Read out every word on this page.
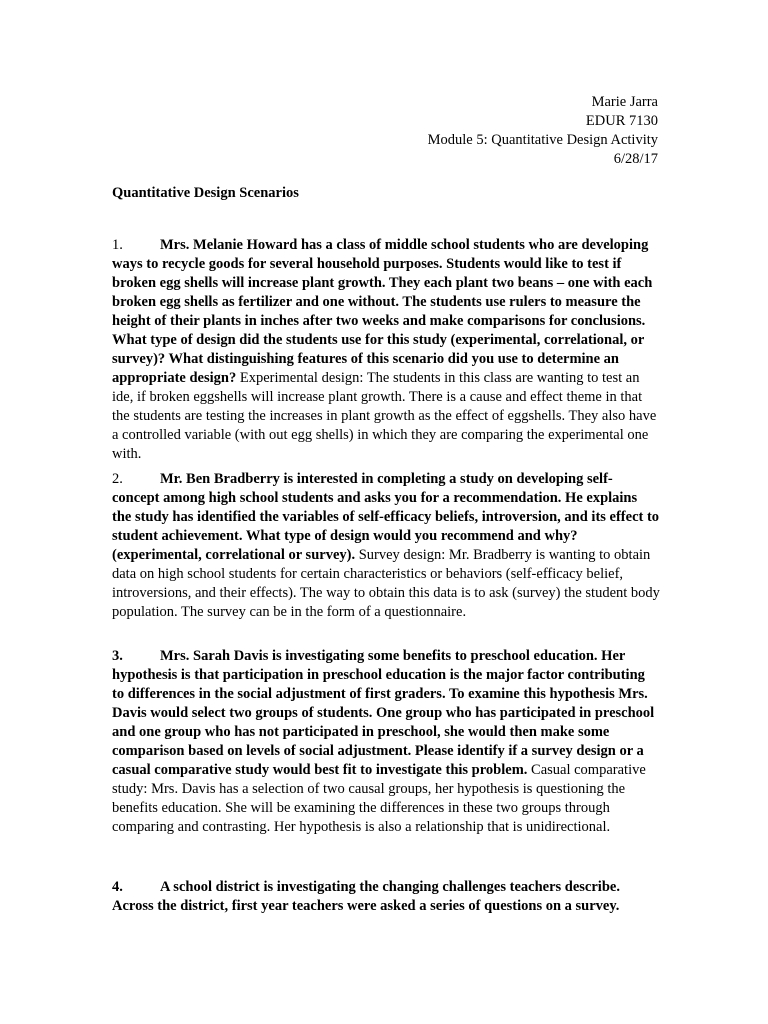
Marie Jarra
EDUR 7130
Module 5: Quantitative Design Activity
6/28/17
Quantitative Design Scenarios
1.	Mrs. Melanie Howard has a class of middle school students who are developing ways to recycle goods for several household purposes. Students would like to test if broken egg shells will increase plant growth. They each plant two beans – one with each broken egg shells as fertilizer and one without. The students use rulers to measure the height of their plants in inches after two weeks and make comparisons for conclusions. What type of design did the students use for this study (experimental, correlational, or survey)? What distinguishing features of this scenario did you use to determine an appropriate design? Experimental design: The students in this class are wanting to test an ide, if broken eggshells will increase plant growth. There is a cause and effect theme in that the students are testing the increases in plant growth as the effect of eggshells. They also have a controlled variable (with out egg shells) in which they are comparing the experimental one with.
2.	Mr. Ben Bradberry is interested in completing a study on developing self-concept among high school students and asks you for a recommendation. He explains the study has identified the variables of self-efficacy beliefs, introversion, and its effect to student achievement. What type of design would you recommend and why? (experimental, correlational or survey). Survey design: Mr. Bradberry is wanting to obtain data on high school students for certain characteristics or behaviors (self-efficacy belief, introversions, and their effects). The way to obtain this data is to ask (survey) the student body population. The survey can be in the form of a questionnaire.
3.	Mrs. Sarah Davis is investigating some benefits to preschool education. Her hypothesis is that participation in preschool education is the major factor contributing to differences in the social adjustment of first graders. To examine this hypothesis Mrs. Davis would select two groups of students. One group who has participated in preschool and one group who has not participated in preschool, she would then make some comparison based on levels of social adjustment. Please identify if a survey design or a casual comparative study would best fit to investigate this problem. Casual comparative study: Mrs. Davis has a selection of two causal groups, her hypothesis is questioning the benefits education. She will be examining the differences in these two groups through comparing and contrasting. Her hypothesis is also a relationship that is unidirectional.
4.	A school district is investigating the changing challenges teachers describe. Across the district, first year teachers were asked a series of questions on a survey.
